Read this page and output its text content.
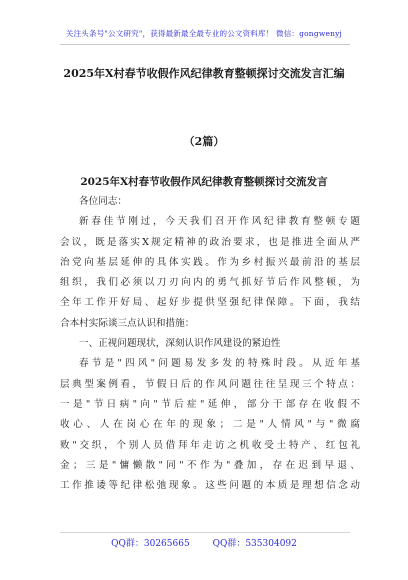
关注头条号"公文研究"，获得最新最全最专业的公文资料库！ 微信：gongwenyj
2025年X村春节收假作风纪律教育整顿探讨交流发言汇编
（2篇）
2025年X村春节收假作风纪律教育整顿探讨交流发言

各位同志：

新春佳节刚过，今天我们召开作风纪律教育整顿专题

会议，既是落实X规定精神的政治要求，也是推进全面从严

治党向基层延伸的具体实践。作为乡村振兴最前沿的基层

组织，我们必须以刀刃向内的勇气抓好节后作风整顿，为

全年工作开好局、起好步提供坚强纪律保障。下面，我结

合本村实际谈三点认识和措施：

一、正视问题现状，深刻认识作风建设的紧迫性

春节是"四风"问题易发多发的特殊时段。从近年基

层典型案例看，节假日后的作风问题往往呈现三个特点：

一是"节日病"向"节后症"延伸，部分干部存在收假不

收心、人在岗心在年的现象；二是"人情风"与"微腐

败"交织，个别人员借拜年走访之机收受土特产、红包礼

金；三是"慵懒散"同"不作为"叠加，存在迟到早退、

工作推诿等纪律松弛现象。这些问题的本质是理想信念动

QQ群：30265665	QQ群：535304092
